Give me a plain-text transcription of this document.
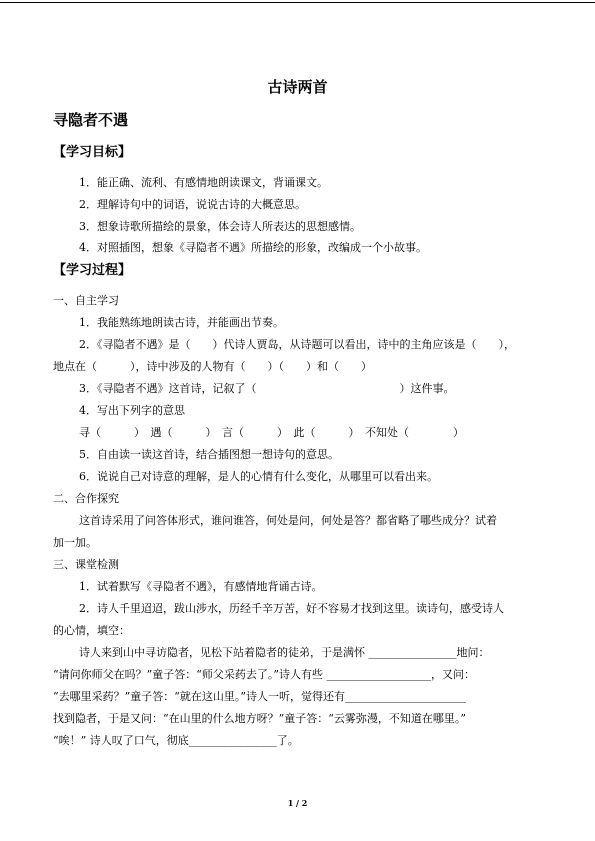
古诗两首
寻隐者不遇
【学习目标】
1．能正确、流利、有感情地朗读课文，背诵课文。
2．理解诗句中的词语，说说古诗的大概意思。
3．想象诗歌所描绘的景象，体会诗人所表达的思想感情。
4．对照插图，想象《寻隐者不遇》所描绘的形象，改编成一个小故事。
【学习过程】
一、自主学习
1．我能熟练地朗读古诗，并能画出节奏。
2．《寻隐者不遇》是（　　）代诗人贾岛，从诗题可以看出，诗中的主角应该是（　　），
地点在（　　　），诗中涉及的人物有（　　）（　　）和（　　）
3．《寻隐者不遇》这首诗，记叙了（　　　　　　　　　　　　　）这件事。
4．写出下列字的意思
寻（　　　）　遇（　　　）　言（　　　）　此（　　　）　不知处（　　　　）
5．自由读一读这首诗，结合插图想一想诗句的意思。
6．说说自己对诗意的理解，是人的心情有什么变化，从哪里可以看出来。
二、合作探究
这首诗采用了问答体形式，谁问谁答，何处是问，何处是答？都省略了哪些成分？试着
加一加。
三、课堂检测
1．试着默写《寻隐者不遇》，有感情地背诵古诗。
2．诗人千里迢迢，跋山涉水，历经千辛万苦，好不容易才找到这里。读诗句，感受诗人
的心情，填空：
诗人来到山中寻访隐者，见松下站着隐者的徒弟，于是满怀 ________________地问：
“请问你师父在吗？”童子答：“师父采药去了。”诗人有些 ___________________，又问：
“去哪里采药？”童子答：“就在这山里。”诗人一听，觉得还有______________________
找到隐者，于是又问：“在山里的什么地方呀？”童子答：“云雾弥漫，不知道在哪里。”
“唉！” 诗人叹了口气，彻底________________了。
1 / 2
